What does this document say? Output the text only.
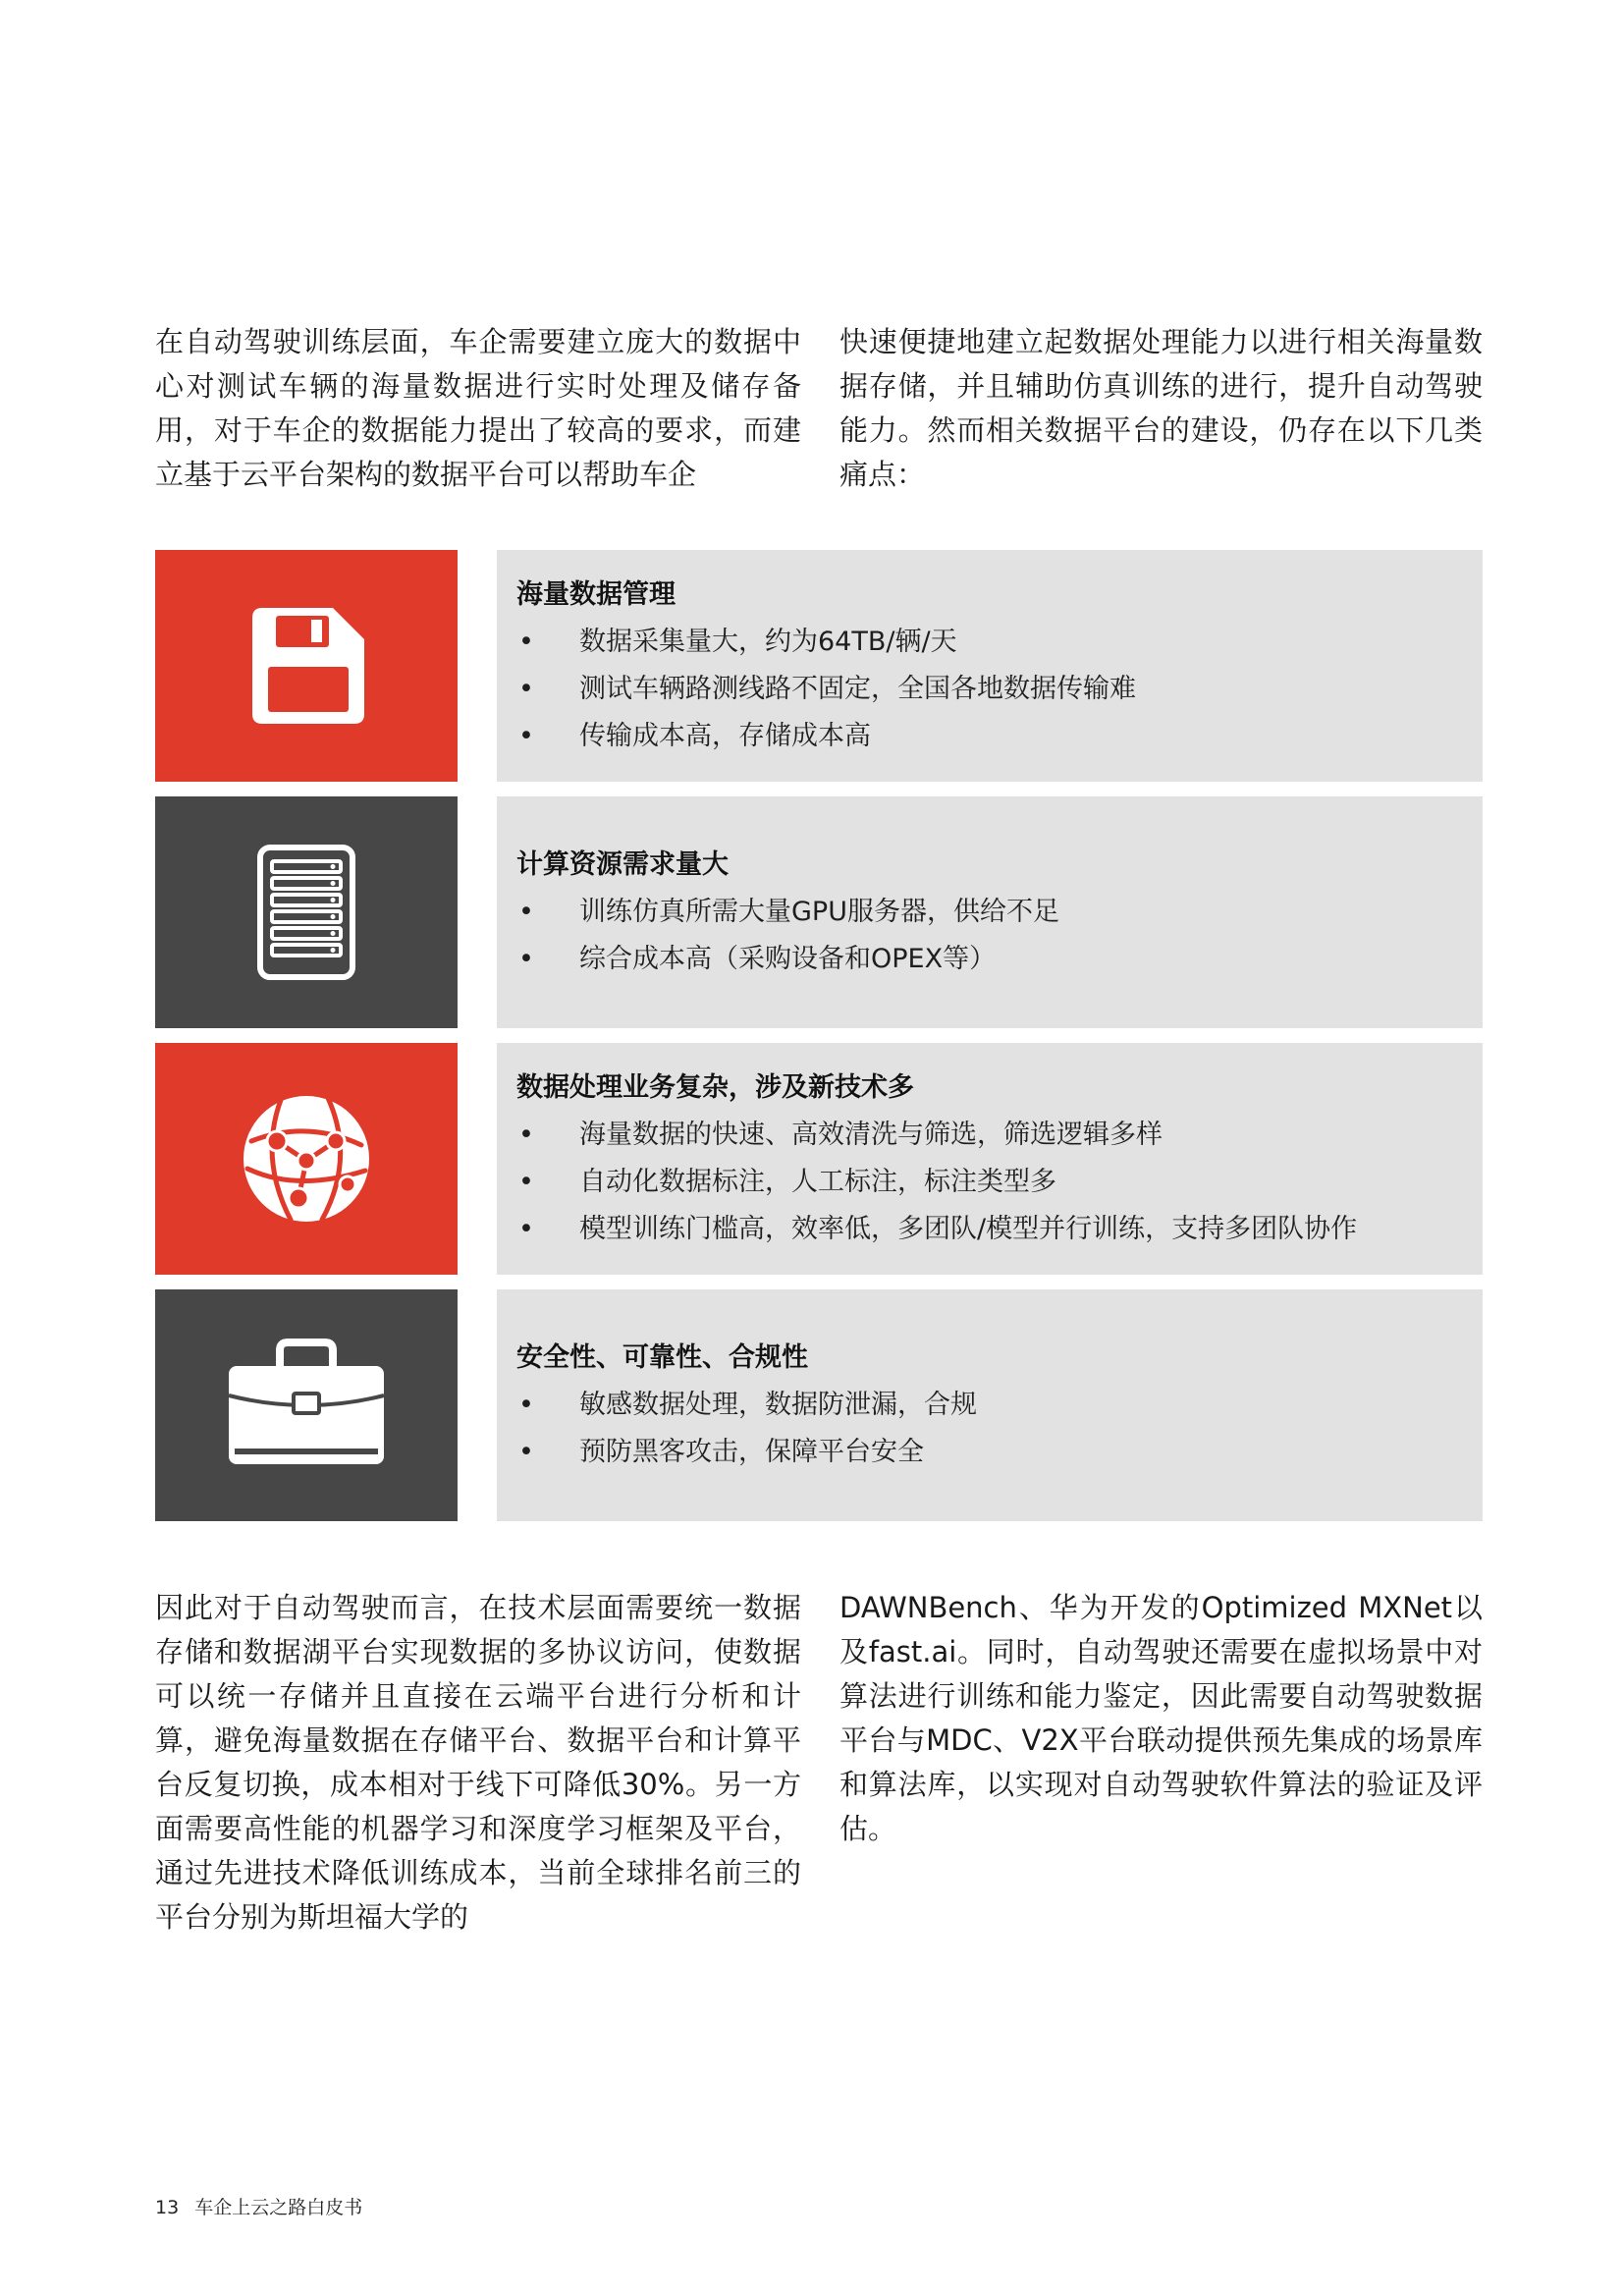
在自动驾驶训练层面，车企需要建立庞大的数据中心对测试车辆的海量数据进行实时处理及储存备用，对于车企的数据能力提出了较高的要求，而建立基于云平台架构的数据平台可以帮助车企

快速便捷地建立起数据处理能力以进行相关海量数据存储，并且辅助仿真训练的进行，提升自动驾驶能力。然而相关数据平台的建设，仍存在以下几类痛点：

海量数据管理
• 数据采集量大，约为64TB/辆/天
• 测试车辆路测线路不固定，全国各地数据传输难
• 传输成本高，存储成本高
计算资源需求量大
• 训练仿真所需大量GPU服务器，供给不足
• 综合成本高（采购设备和OPEX等）
数据处理业务复杂，涉及新技术多
• 海量数据的快速、高效清洗与筛选，筛选逻辑多样
• 自动化数据标注，人工标注，标注类型多
• 模型训练门槛高，效率低，多团队/模型并行训练，支持多团队协作
安全性、可靠性、合规性
• 敏感数据处理，数据防泄漏，合规
• 预防黑客攻击，保障平台安全

因此对于自动驾驶而言，在技术层面需要统一数据存储和数据湖平台实现数据的多协议访问，使数据可以统一存储并且直接在云端平台进行分析和计算，避免海量数据在存储平台、数据平台和计算平台反复切换，成本相对于线下可降低30%。另一方面需要高性能的机器学习和深度学习框架及平台，通过先进技术降低训练成本，当前全球排名前三的平台分别为斯坦福大学的

DAWNBench、华为开发的Optimized MXNet以及fast.ai。同时，自动驾驶还需要在虚拟场景中对算法进行训练和能力鉴定，因此需要自动驾驶数据平台与MDC、V2X平台联动提供预先集成的场景库和算法库，以实现对自动驾驶软件算法的验证及评估。

13 车企上云之路白皮书
